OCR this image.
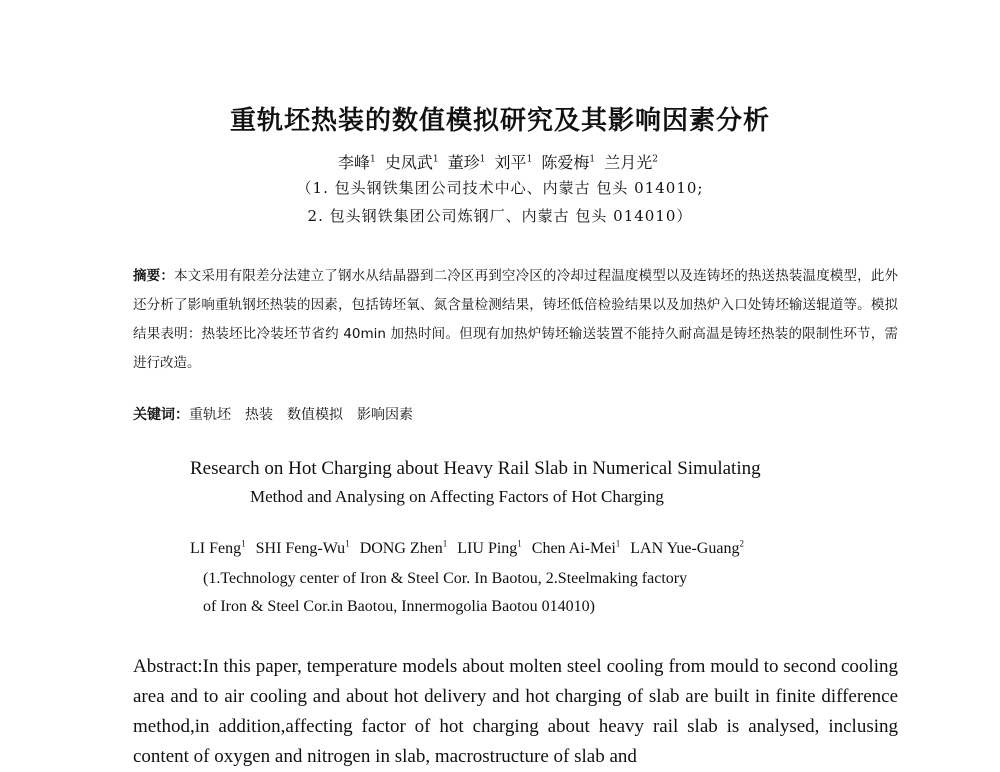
重轨坯热装的数值模拟研究及其影响因素分析
李峰$^1$ 史凤武$^1$ 董珍$^1$ 刘平$^1$ 陈爱梅$^1$ 兰月光$^2$
（1. 包头钢铁集团公司技术中心、内蒙古 包头 014010;
2. 包头钢铁集团公司炼钢厂、内蒙古 包头 014010）
摘要：本文采用有限差分法建立了钢水从结晶器到二冷区再到空冷区的冷却过程温度模型以及连铸坯的热送热装温度模型，此外还分析了影响重轨钢坯热装的因素，包括铸坯氧、氮含量检测结果，铸坯低倍检验结果以及加热炉入口处铸坯输送辊道等。模拟结果表明：热装坯比冷装坯节省约 40min 加热时间。但现有加热炉铸坯输送装置不能持久耐高温是铸坯热装的限制性环节，需进行改造。
关键词：重轨坯 热装 数值模拟 影响因素
Research on Hot Charging about Heavy Rail Slab in Numerical Simulating
Method and Analysing on Affecting Factors of Hot Charging
LI Feng$^1$ SHI Feng-Wu$^1$ DONG Zhen$^1$ LIU Ping$^1$ Chen Ai-Mei$^1$ LAN Yue-Guang$^2$
(1.Technology center of Iron & Steel Cor. In Baotou, 2.Steelmaking factory
of Iron & Steel Cor.in Baotou, Innermogolia Baotou 014010)
Abstract:In this paper, temperature models about molten steel cooling from mould to second cooling area and to air cooling and about hot delivery and hot charging of slab are built in finite difference method,in addition,affecting factor of hot charging about heavy rail slab is analysed, inclusing content of oxygen and nitrogen in slab, macrostructure of slab and
